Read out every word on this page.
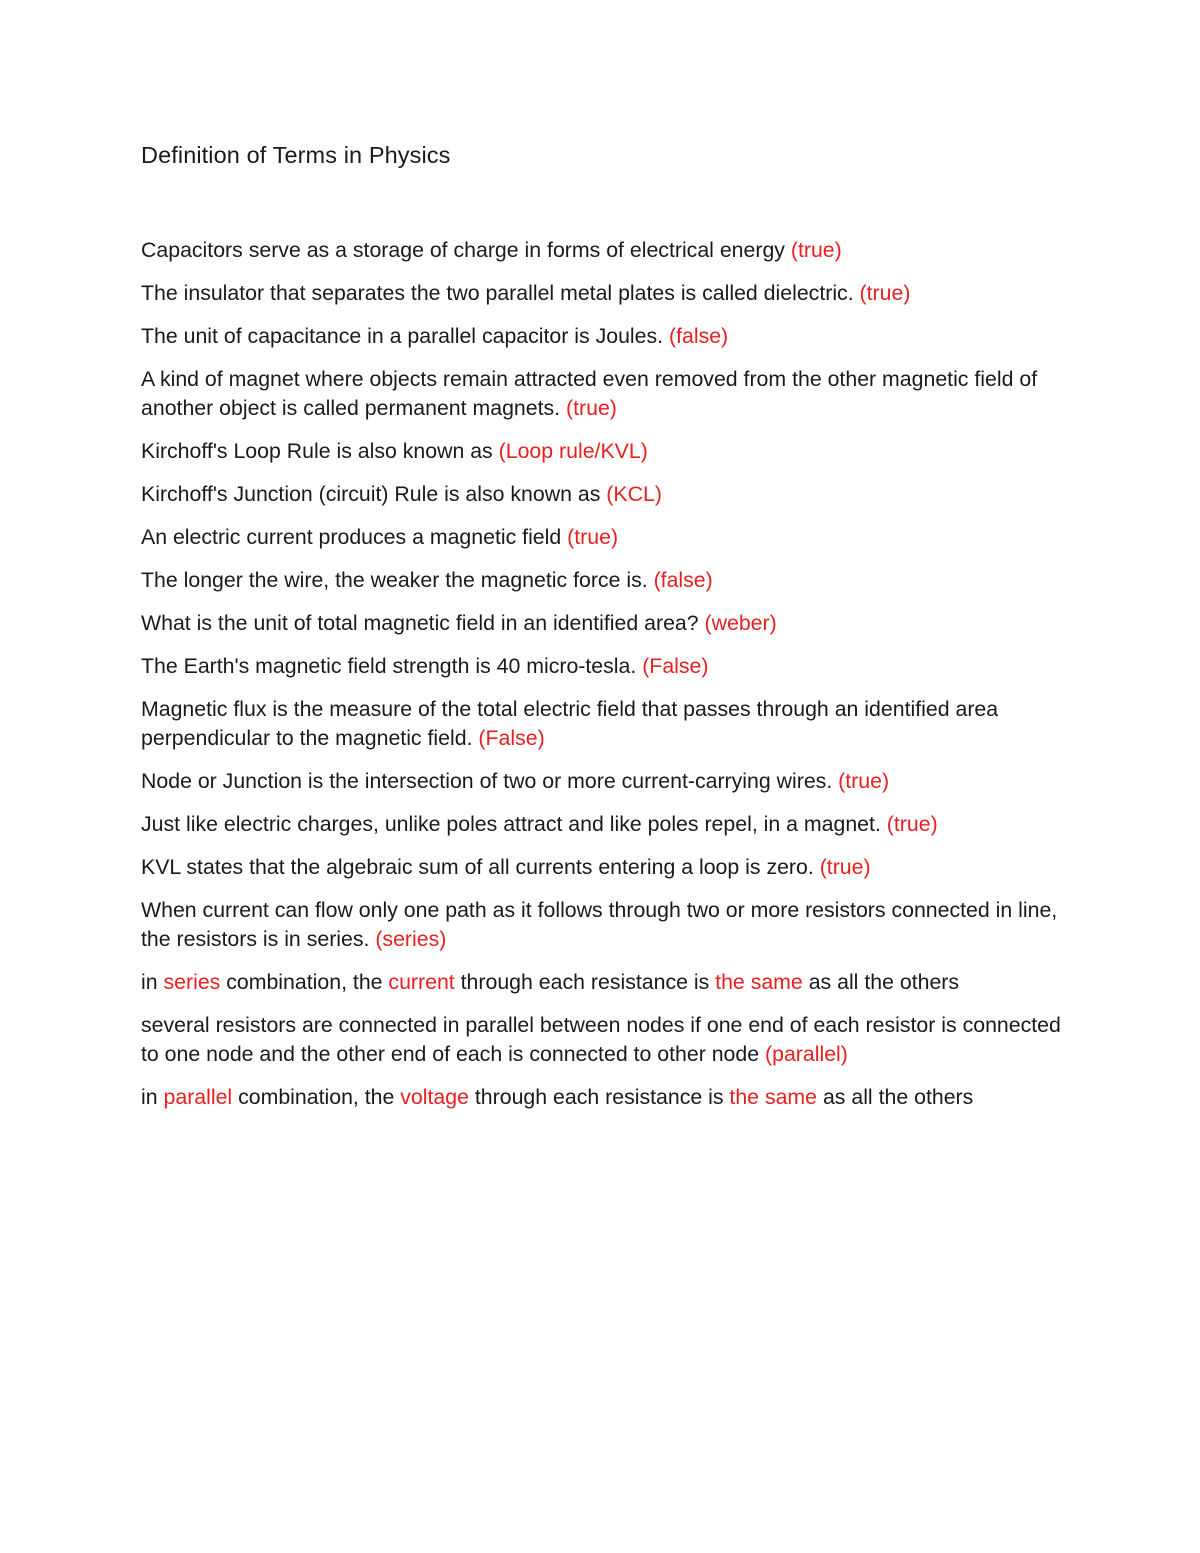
Definition of Terms in Physics

Capacitors serve as a storage of charge in forms of electrical energy (true)

The insulator that separates the two parallel metal plates is called dielectric. (true)

The unit of capacitance in a parallel capacitor is Joules. (false)

A kind of magnet where objects remain attracted even removed from the other magnetic field of another object is called permanent magnets. (true)

Kirchoff's Loop Rule is also known as (Loop rule/KVL)

Kirchoff's Junction (circuit) Rule is also known as (KCL)

An electric current produces a magnetic field (true)

The longer the wire, the weaker the magnetic force is. (false)

What is the unit of total magnetic field in an identified area? (weber)

The Earth's magnetic field strength is 40 micro-tesla. (False)

Magnetic flux is the measure of the total electric field that passes through an identified area perpendicular to the magnetic field. (False)

Node or Junction is the intersection of two or more current-carrying wires. (true)

Just like electric charges, unlike poles attract and like poles repel, in a magnet. (true)

KVL states that the algebraic sum of all currents entering a loop is zero. (true)

When current can flow only one path as it follows through two or more resistors connected in line, the resistors is in series. (series)

in series combination, the current through each resistance is the same as all the others

several resistors are connected in parallel between nodes if one end of each resistor is connected to one node and the other end of each is connected to other node (parallel)

in parallel combination, the voltage through each resistance is the same as all the others
